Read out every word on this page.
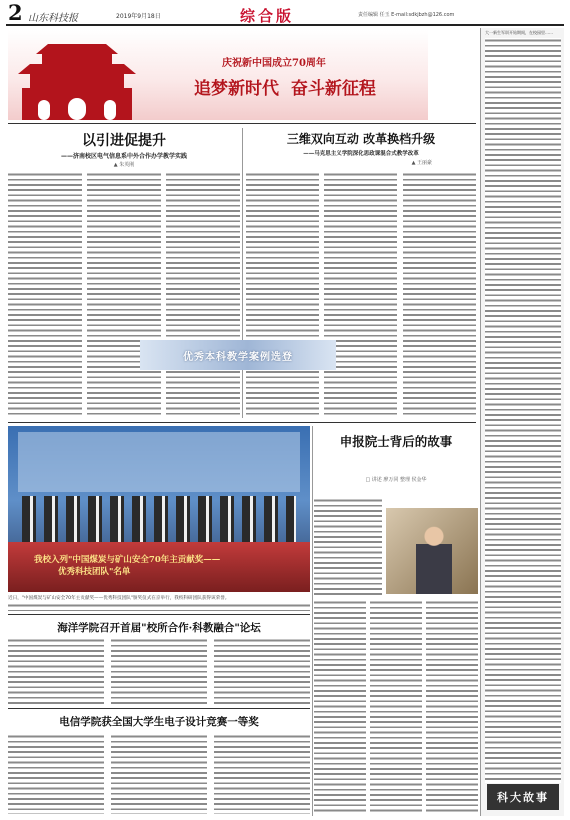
2 山东科技报	2019年9月18日	综合版	责任编辑 任玉 E-mail:sdkjbzh@126.com
庆祝新中国成立70周年
追梦新时代  奋斗新征程
大一新生军训开始期间，在校园里……
科大故事
以引进促提升
——济南校区电气信息系中外合作办学教学实践
▲ 朱英刚
三维双向互动 改革换档升级
——马克思主义学院深化思政课混合式教学改革
▲ 王丽豪
优秀本科教学案例选登
我校入列"中国煤炭与矿山安全70年主贡献奖——
优秀科技团队"名单
近日，"中国煤炭与矿山安全70年主贡献奖——优秀科技团队"颁奖仪式在京举行，我校科研团队获得该荣誉。
申报院士背后的故事
□ 讲述 廖万同 整理 侯金华
海洋学院召开首届"校所合作·科教融合"论坛
电信学院获全国大学生电子设计竞赛一等奖
